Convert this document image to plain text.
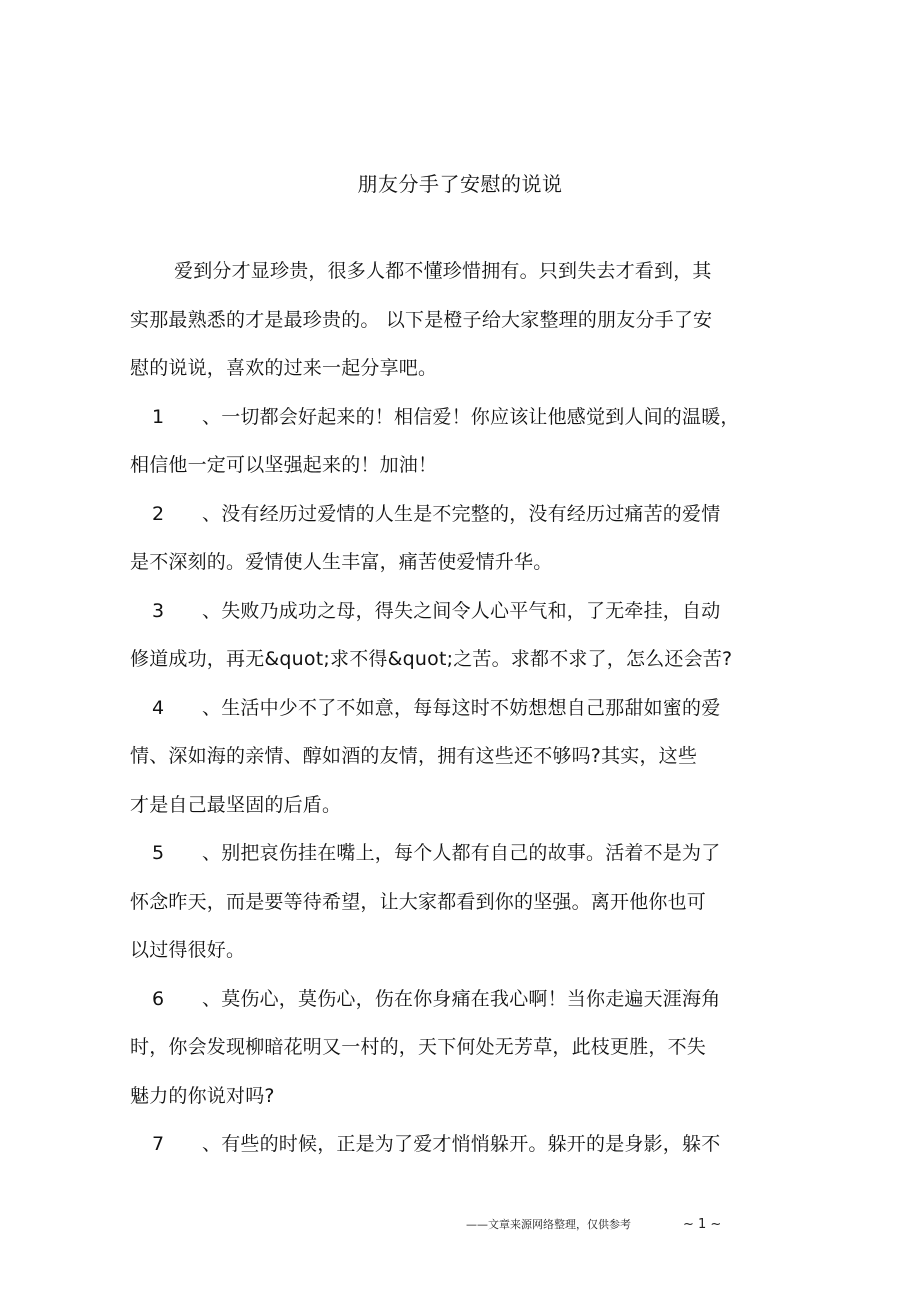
朋友分手了安慰的说说
爱到分才显珍贵，很多人都不懂珍惜拥有。只到失去才看到，其
实那最熟悉的才是最珍贵的。 以下是橙子给大家整理的朋友分手了安
慰的说说，喜欢的过来一起分享吧。
1 、一切都会好起来的！相信爱！你应该让他感觉到人间的温暖，
相信他一定可以坚强起来的！加油！
2 、没有经历过爱情的人生是不完整的，没有经历过痛苦的爱情
是不深刻的。爱情使人生丰富，痛苦使爱情升华。
3 、失败乃成功之母，得失之间令人心平气和，了无牵挂，自动
修道成功，再无&quot;求不得&quot;之苦。求都不求了，怎么还会苦?
4 、生活中少不了不如意，每每这时不妨想想自己那甜如蜜的爱
情、深如海的亲情、醇如酒的友情，拥有这些还不够吗?其实，这些
才是自己最坚固的后盾。
5 、别把哀伤挂在嘴上，每个人都有自己的故事。活着不是为了
怀念昨天，而是要等待希望，让大家都看到你的坚强。离开他你也可
以过得很好。
6 、莫伤心，莫伤心，伤在你身痛在我心啊！当你走遍天涯海角
时，你会发现柳暗花明又一村的，天下何处无芳草，此枝更胜，不失
魅力的你说对吗?
7 、有些的时候，正是为了爱才悄悄躲开。躲开的是身影，躲不
——文章来源网络整理，仅供参考	~ 1 ~
